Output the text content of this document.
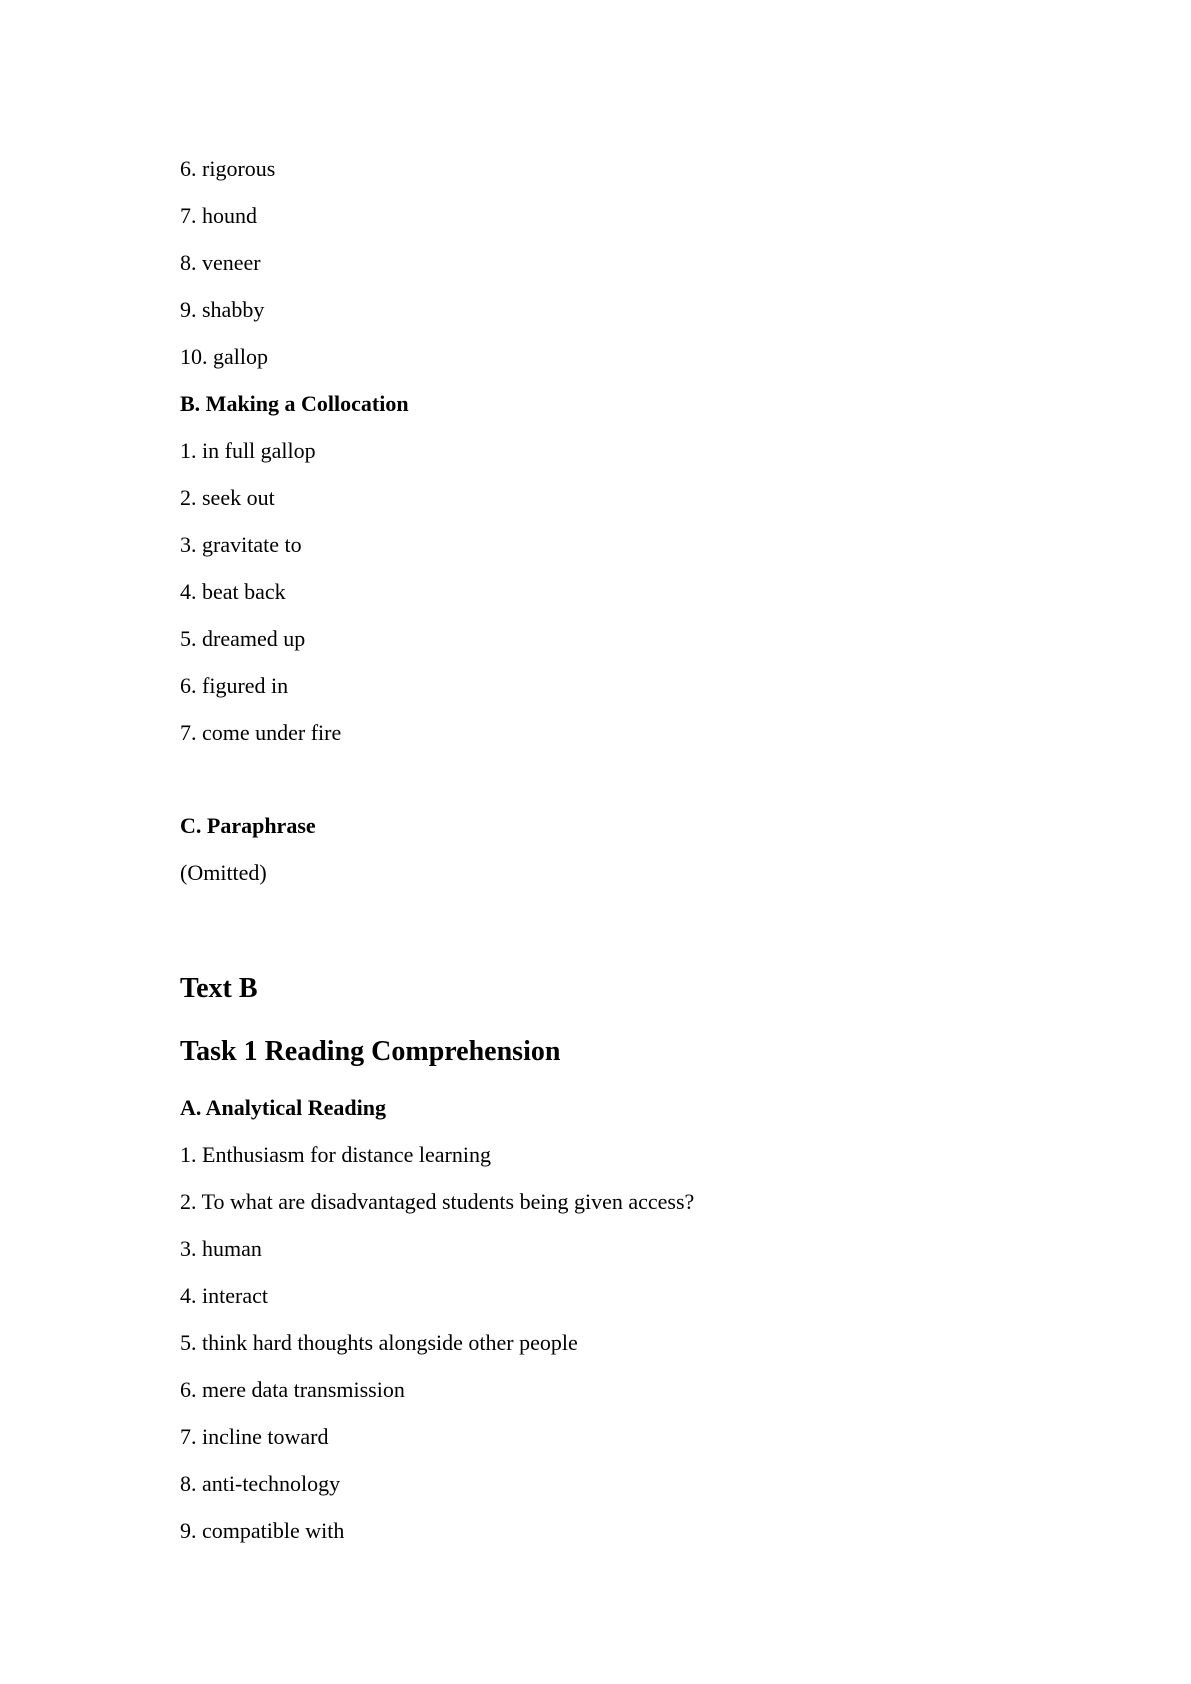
6. rigorous
7. hound
8. veneer
9. shabby
10. gallop
B. Making a Collocation
1. in full gallop
2. seek out
3. gravitate to
4. beat back
5. dreamed up
6. figured in
7. come under fire
C. Paraphrase
(Omitted)
Text B
Task 1 Reading Comprehension
A. Analytical Reading
1. Enthusiasm for distance learning
2. To what are disadvantaged students being given access?
3. human
4. interact
5. think hard thoughts alongside other people
6. mere data transmission
7. incline toward
8. anti-technology
9. compatible with
